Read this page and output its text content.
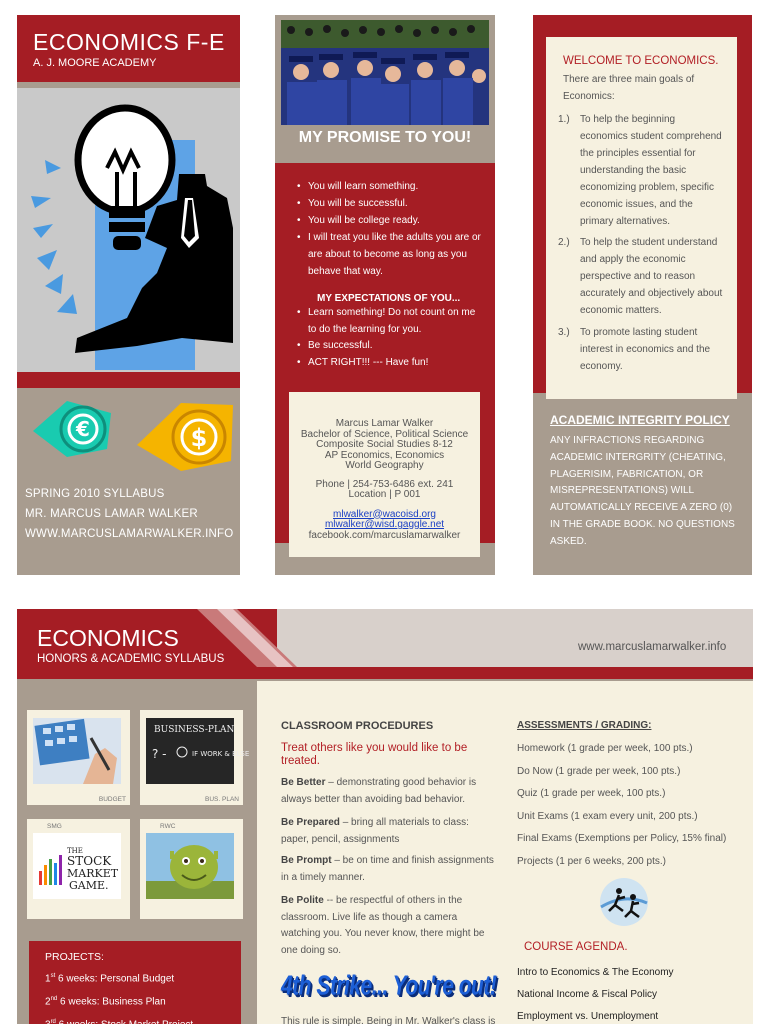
ECONOMICS F-E
A. J. MOORE ACADEMY
€	$
SPRING 2010 SYLLABUS
MR. MARCUS LAMAR WALKER
WWW.MARCUSLAMARWALKER.INFO
MY PROMISE TO YOU!
• You will learn something.
• You will be successful.
• You will be college ready.
• I will treat you like the adults you are or are about to become as long as you behave that way.
MY EXPECTATIONS OF YOU...
• Learn something! Do not count on me to do the learning for you.
• Be successful.
• ACT RIGHT!!! --- Have fun!
Marcus Lamar Walker
Bachelor of Science, Political Science
Composite Social Studies 8-12
AP Economics, Economics
World Geography
Phone | 254-753-6486 ext. 241
Location | P 001
mlwalker@wacoisd.org
mlwalker@wisd.gaggle.net
facebook.com/marcuslamarwalker
WELCOME TO ECONOMICS.
There are three main goals of
Economics:
1.) To help the beginning
economics student comprehend
the principles essential for
understanding the basic
economizing problem, specific
economic issues, and the
primary alternatives.
2.) To help the student understand
and apply the economic
perspective and to reason
accurately and objectively about
economic matters.
3.) To promote lasting student
interest in economics and the
economy.
ACADEMIC INTEGRITY POLICY
ANY INFRACTIONS REGARDING
ACADEMIC INTERGRITY (CHEATING,
PLAGERISIM, FABRICATION, OR
MISREPRESENTATIONS) WILL
AUTOMATICALLY RECEIVE A ZERO (0)
IN THE GRADE BOOK. NO QUESTIONS
ASKED.
ECONOMICS
HONORS & ACADEMIC SYLLABUS
www.marcuslamarwalker.info
BUDGET
BUSINESS-PLAN
? -	IF WORK & ELSE
BUS. PLAN
SMG
THE
STOCK
MARKET
GAME.
RWC
PROJECTS:
1st 6 weeks: Personal Budget
2nd 6 weeks: Business Plan
3rd 6 weeks: Stock Market Project
CLASSROOM PROCEDURES
Treat others like you would like to be treated.
Be Better – demonstrating good behavior is always better than avoiding bad behavior.
Be Prepared – bring all materials to class: paper, pencil, assignments
Be Prompt – be on time and finish assignments in a timely manner.
Be Polite -- be respectful of others in the classroom. Live life as though a camera watching you. You never know, there might be one doing so.
4th Strike... You're out!
This rule is simple. Being in Mr. Walker's class is
ASSESSMENTS / GRADING:
Homework (1 grade per week, 100 pts.)
Do Now (1 grade per week, 100 pts.)
Quiz (1 grade per week, 100 pts.)
Unit Exams (1 exam every unit, 200 pts.)
Final Exams (Exemptions per Policy, 15% final)
Projects (1 per 6 weeks, 200 pts.)
COURSE AGENDA.
Intro to Economics & The Economy
National Income & Fiscal Policy
Employment vs. Unemployment
